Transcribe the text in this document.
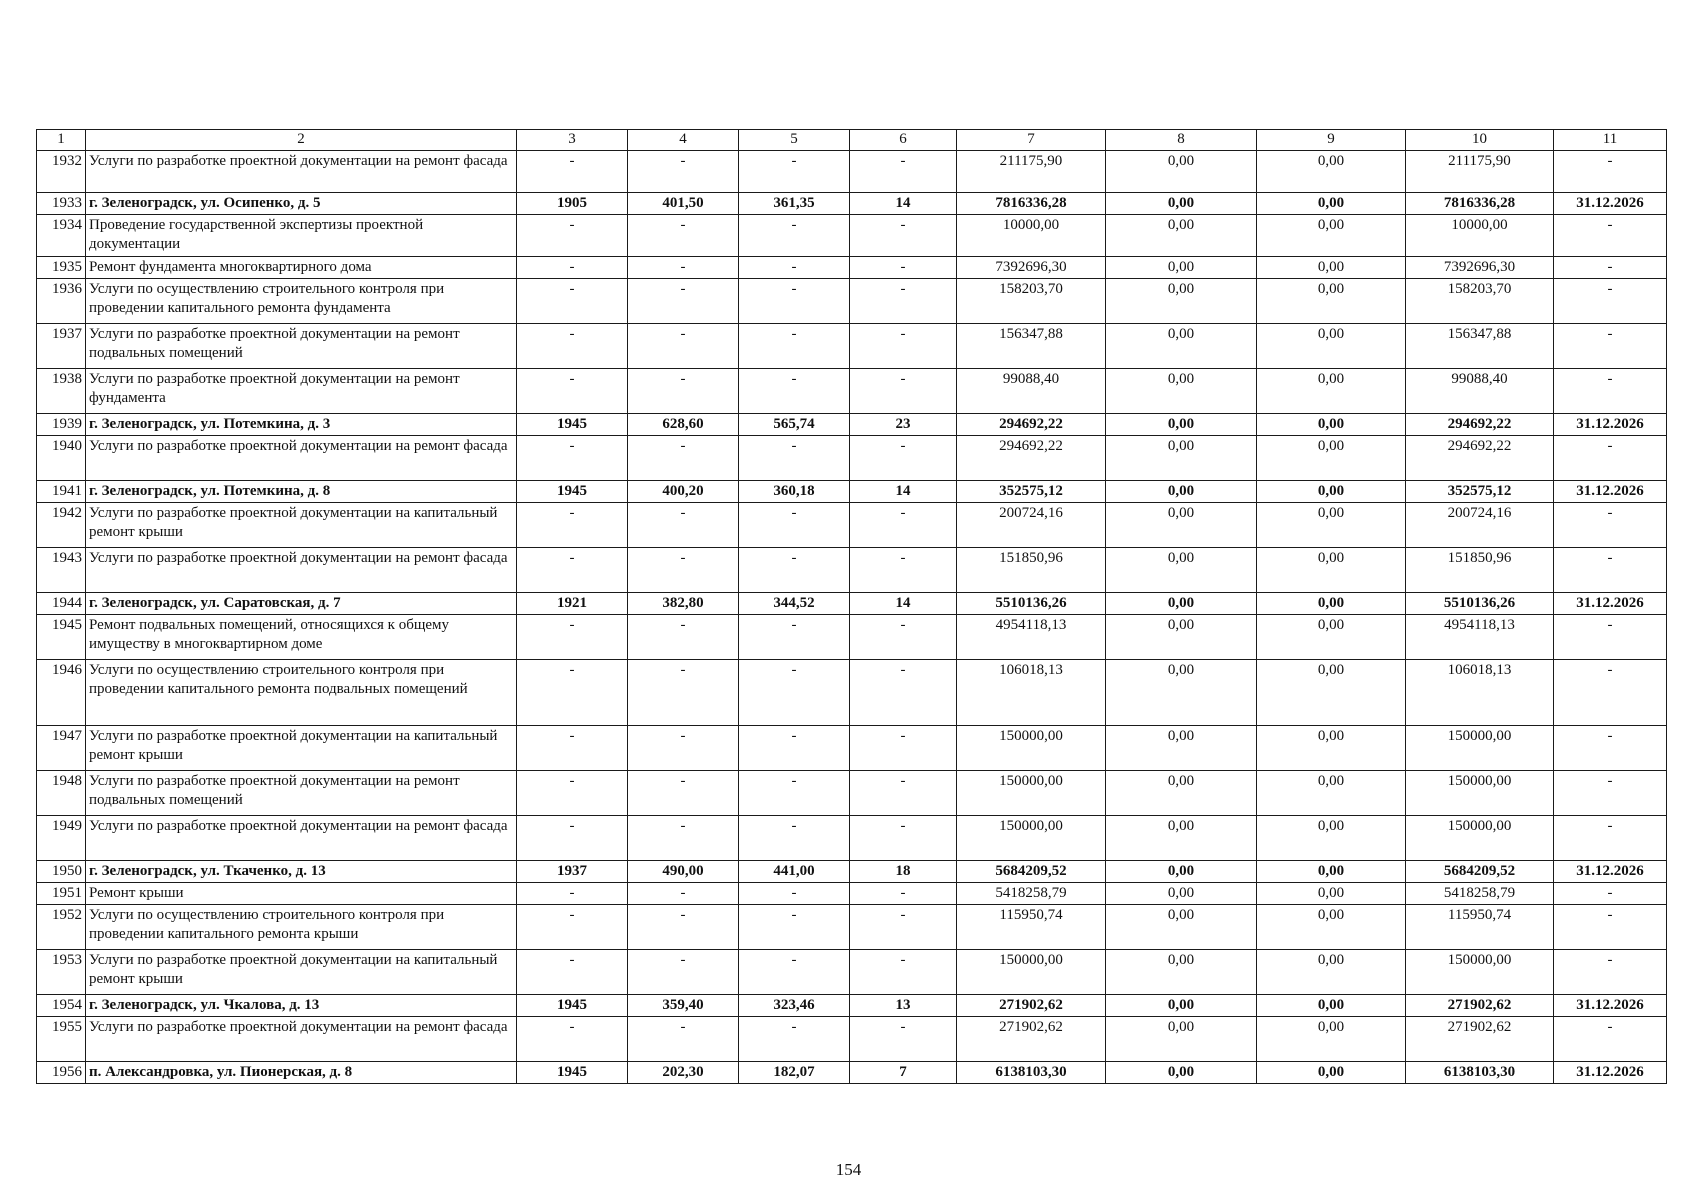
1	2	3	4	5	6	7	8	9	10	11
1932	Услуги по разработке проектной документации на ремонт фасада	-	-	-	-	211175,90	0,00	0,00	211175,90	-
1933	г. Зеленоградск, ул. Осипенко, д. 5	1905	401,50	361,35	14	7816336,28	0,00	0,00	7816336,28	31.12.2026
1934	Проведение государственной экспертизы проектной документации	-	-	-	-	10000,00	0,00	0,00	10000,00	-
1935	Ремонт фундамента многоквартирного дома	-	-	-	-	7392696,30	0,00	0,00	7392696,30	-
1936	Услуги по осуществлению строительного контроля при проведении капитального ремонта фундамента	-	-	-	-	158203,70	0,00	0,00	158203,70	-
1937	Услуги по разработке проектной документации на ремонт подвальных помещений	-	-	-	-	156347,88	0,00	0,00	156347,88	-
1938	Услуги по разработке проектной документации на ремонт фундамента	-	-	-	-	99088,40	0,00	0,00	99088,40	-
1939	г. Зеленоградск, ул. Потемкина, д. 3	1945	628,60	565,74	23	294692,22	0,00	0,00	294692,22	31.12.2026
1940	Услуги по разработке проектной документации на ремонт фасада	-	-	-	-	294692,22	0,00	0,00	294692,22	-
1941	г. Зеленоградск, ул. Потемкина, д. 8	1945	400,20	360,18	14	352575,12	0,00	0,00	352575,12	31.12.2026
1942	Услуги по разработке проектной документации на капитальный ремонт крыши	-	-	-	-	200724,16	0,00	0,00	200724,16	-
1943	Услуги по разработке проектной документации на ремонт фасада	-	-	-	-	151850,96	0,00	0,00	151850,96	-
1944	г. Зеленоградск, ул. Саратовская, д. 7	1921	382,80	344,52	14	5510136,26	0,00	0,00	5510136,26	31.12.2026
1945	Ремонт подвальных помещений, относящихся к общему имуществу в многоквартирном доме	-	-	-	-	4954118,13	0,00	0,00	4954118,13	-
1946	Услуги по осуществлению строительного контроля при проведении капитального ремонта подвальных помещений	-	-	-	-	106018,13	0,00	0,00	106018,13	-
1947	Услуги по разработке проектной документации на капитальный ремонт крыши	-	-	-	-	150000,00	0,00	0,00	150000,00	-
1948	Услуги по разработке проектной документации на ремонт подвальных помещений	-	-	-	-	150000,00	0,00	0,00	150000,00	-
1949	Услуги по разработке проектной документации на ремонт фасада	-	-	-	-	150000,00	0,00	0,00	150000,00	-
1950	г. Зеленоградск, ул. Ткаченко, д. 13	1937	490,00	441,00	18	5684209,52	0,00	0,00	5684209,52	31.12.2026
1951	Ремонт крыши	-	-	-	-	5418258,79	0,00	0,00	5418258,79	-
1952	Услуги по осуществлению строительного контроля при проведении капитального ремонта крыши	-	-	-	-	115950,74	0,00	0,00	115950,74	-
1953	Услуги по разработке проектной документации на капитальный ремонт крыши	-	-	-	-	150000,00	0,00	0,00	150000,00	-
1954	г. Зеленоградск, ул. Чкалова, д. 13	1945	359,40	323,46	13	271902,62	0,00	0,00	271902,62	31.12.2026
1955	Услуги по разработке проектной документации на ремонт фасада	-	-	-	-	271902,62	0,00	0,00	271902,62	-
1956	п. Александровка, ул. Пионерская, д. 8	1945	202,30	182,07	7	6138103,30	0,00	0,00	6138103,30	31.12.2026
154
